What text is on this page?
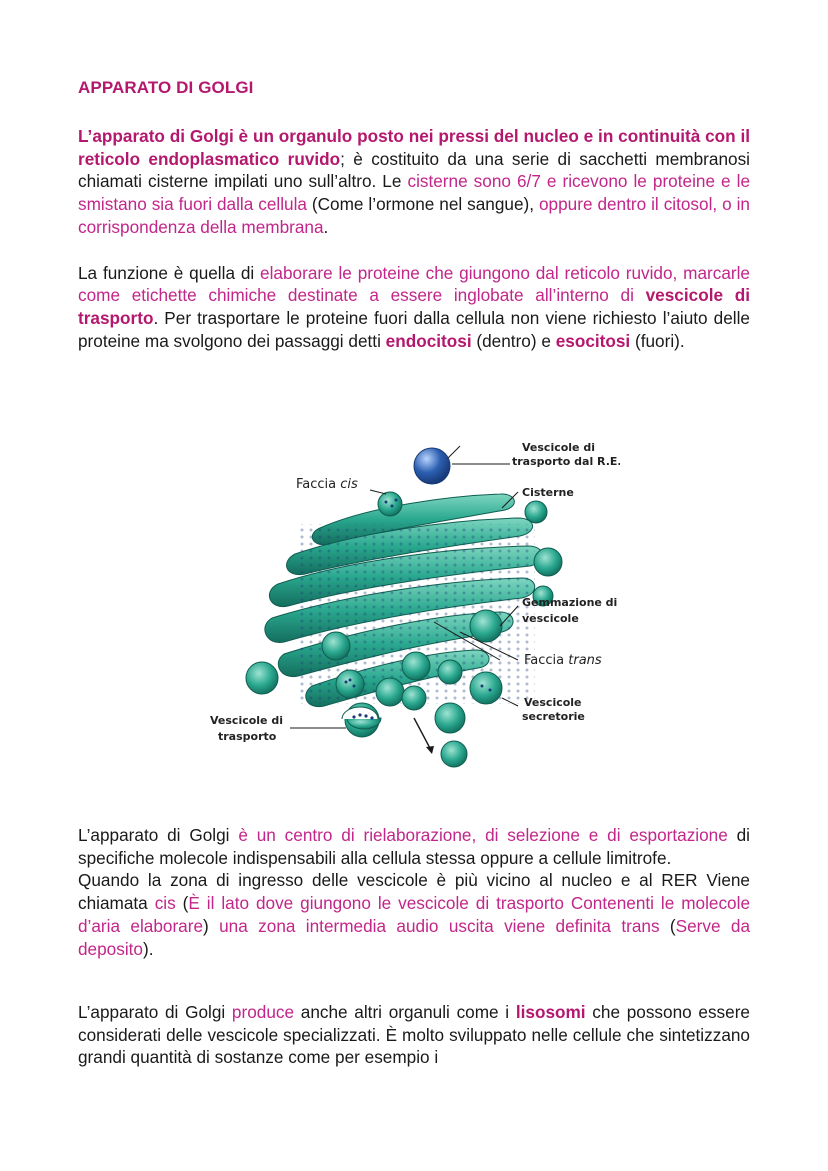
APPARATO DI GOLGI

L’apparato di Golgi è un organulo posto nei pressi del nucleo e in continuità con il reticolo endoplasmatico ruvido; è costituito da una serie di sacchetti membranosi chiamati cisterne impilati uno sull’altro. Le cisterne sono 6/7 e ricevono le proteine e le smistano sia fuori dalla cellula (Come l’ormone nel sangue), oppure dentro il citosol, o in corrispondenza della membrana.

La funzione è quella di elaborare le proteine che giungono dal reticolo ruvido, marcarle come etichette chimiche destinate a essere inglobate all’interno di vescicole di trasporto. Per trasportare le proteine fuori dalla cellula non viene richiesto l’aiuto delle proteine ma svolgono dei passaggi detti endocitosi (dentro) e esocitosi (fuori).

Vescicole di trasporto dal R.E.
Faccia cis
Cisterne
Gemmazione di vescicole
Faccia trans
Vescicole secretorie
Vescicole di trasporto

L’apparato di Golgi è un centro di rielaborazione, di selezione e di esportazione di specifiche molecole indispensabili alla cellula stessa oppure a cellule limitrofe.
Quando la zona di ingresso delle vescicole è più vicino al nucleo e al RER Viene chiamata cis (È il lato dove giungono le vescicole di trasporto Contenenti le molecole d’aria elaborare) una zona intermedia audio uscita viene definita trans (Serve da deposito).

L’apparato di Golgi produce anche altri organuli come i lisosomi che possono essere considerati delle vescicole specializzati. È molto sviluppato nelle cellule che sintetizzano grandi quantità di sostanze come per esempio i
